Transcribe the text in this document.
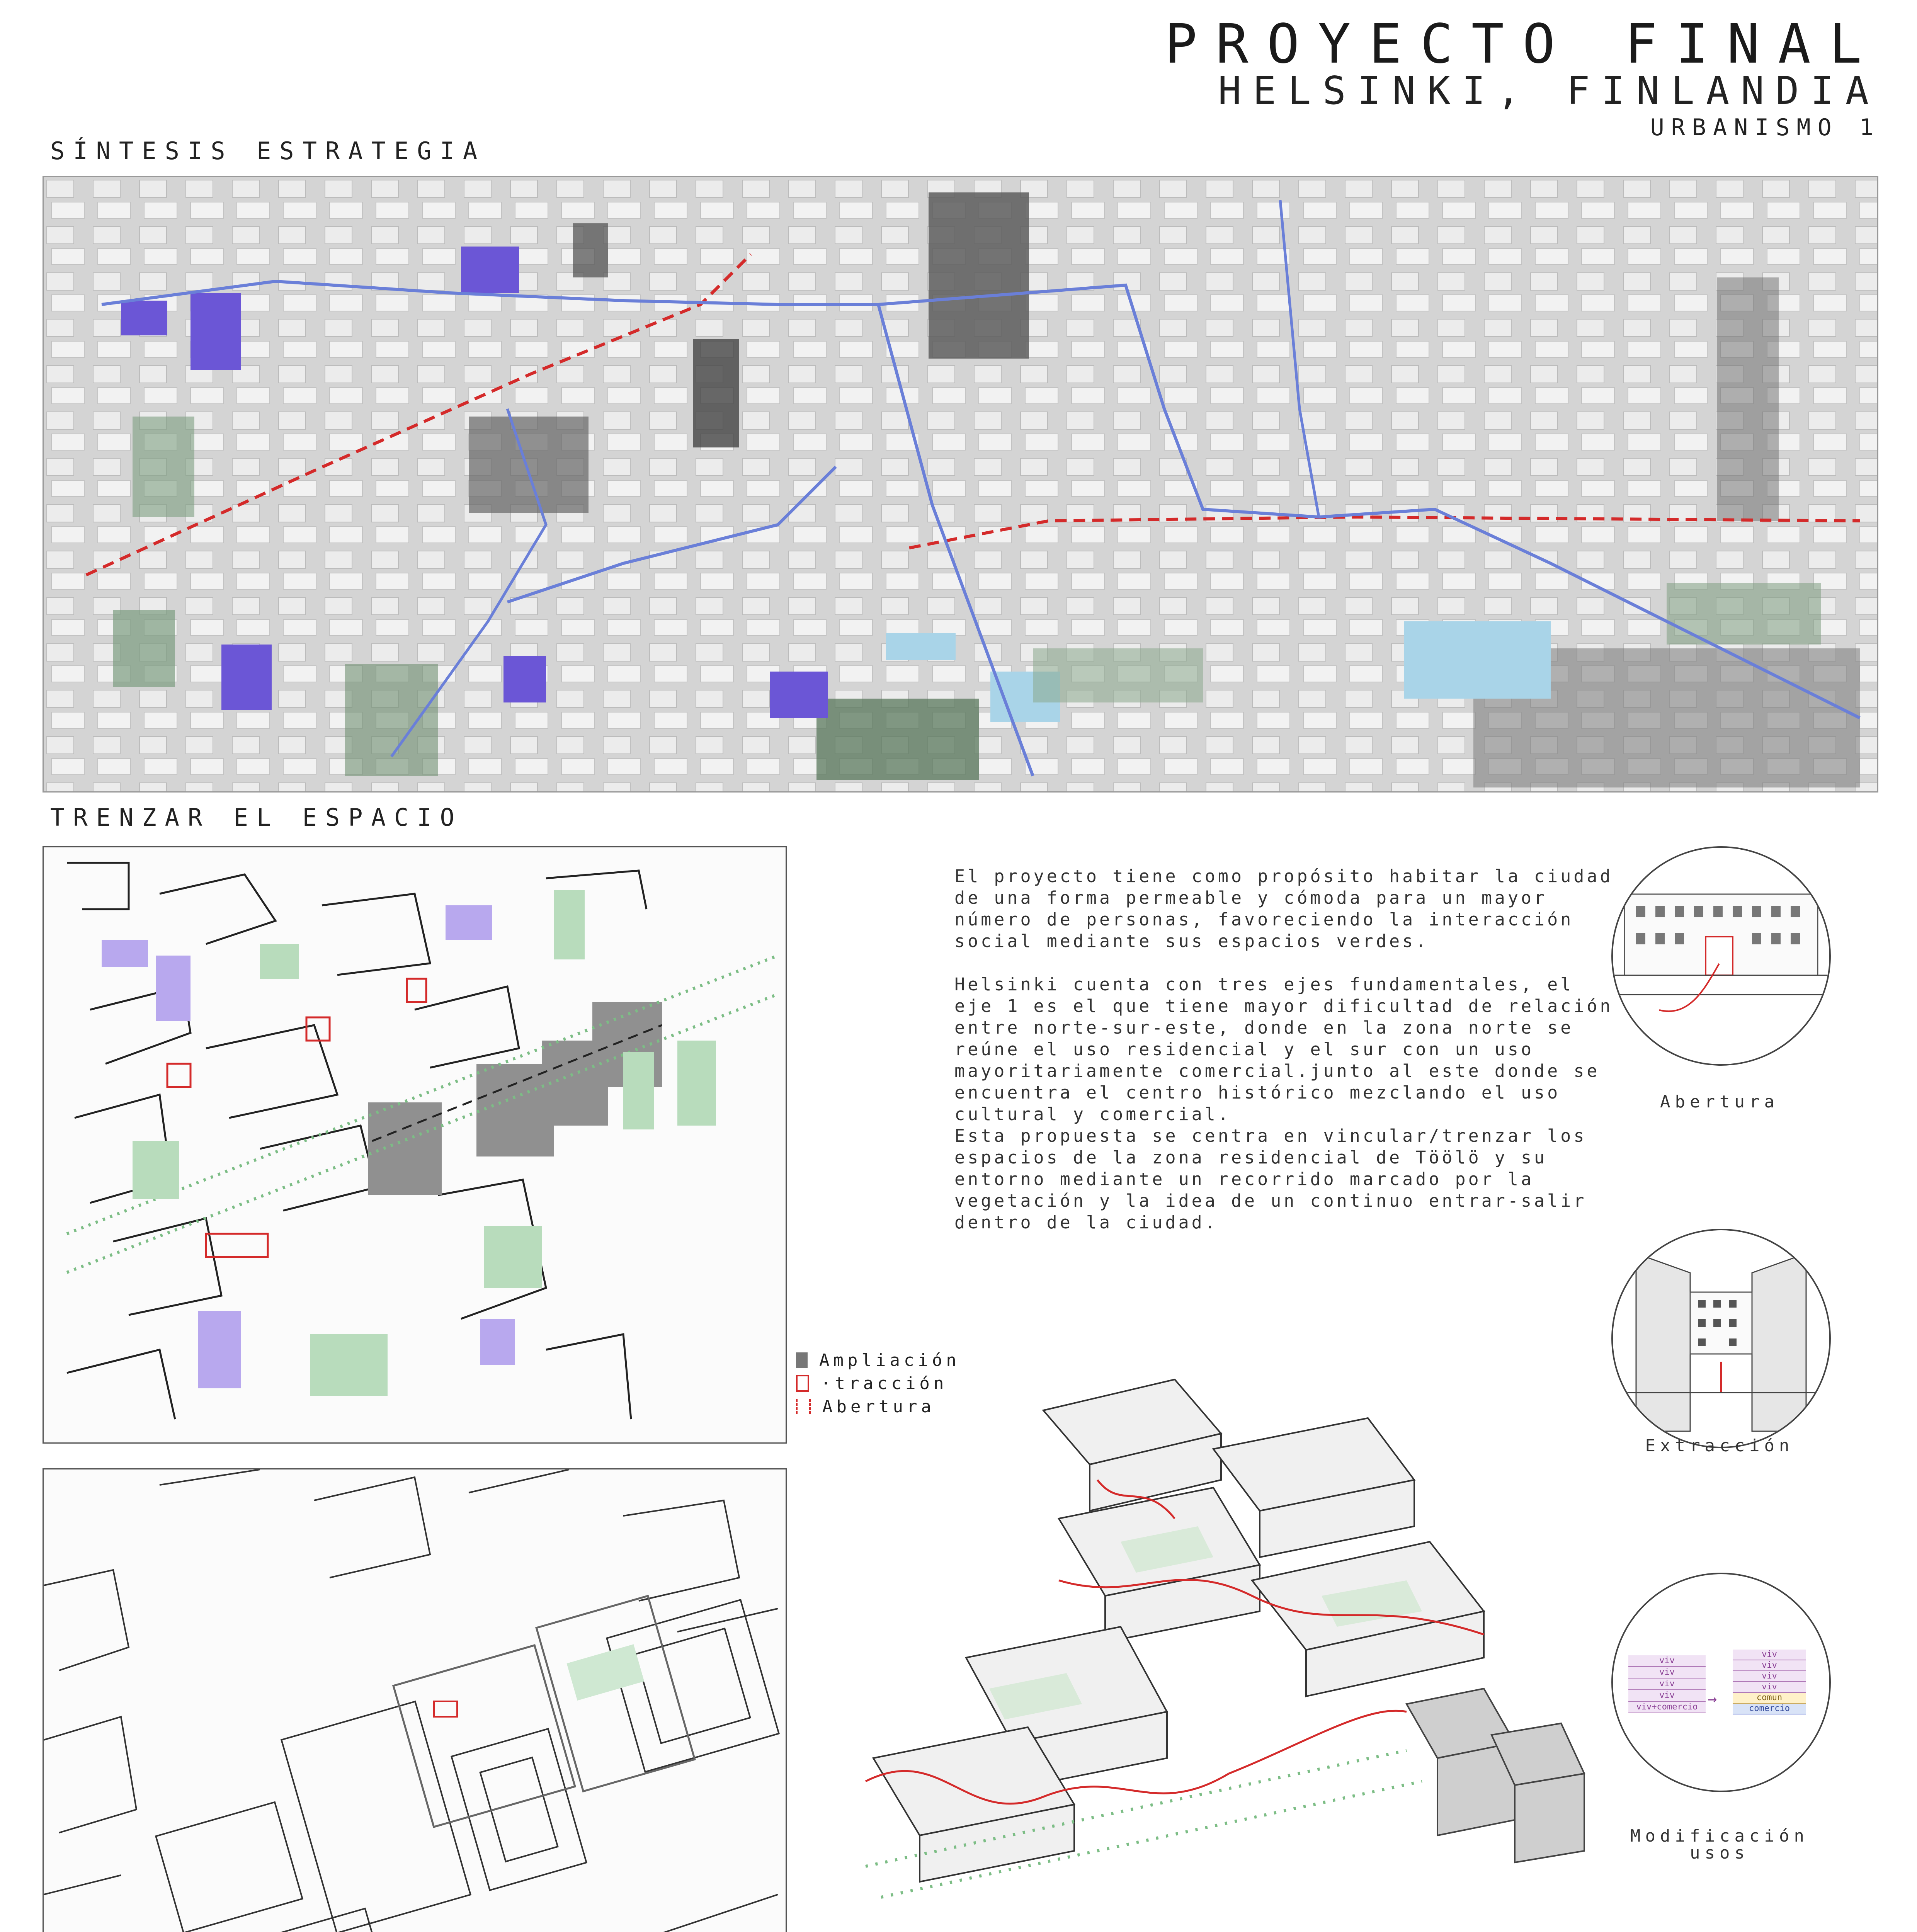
PROYECTO FINAL
HELSINKI, FINLANDIA
URBANISMO 1
SÍNTESIS ESTRATEGIA
TRENZAR EL ESPACIO
El proyecto tiene como propósito habitar la ciudad de una forma permeable y cómoda para un mayor número de personas, favoreciendo la interacción social mediante sus espacios verdes.
Helsinki cuenta con tres ejes fundamentales, el eje 1 es el que tiene mayor dificultad de relación entre norte-sur-este, donde en la zona norte se reúne el uso residencial y el sur con un uso mayoritariamente comercial.junto al este donde se encuentra el centro histórico mezclando el uso cultural y comercial.
Esta propuesta se centra en vincular/trenzar los espacios de la zona residencial de Töölö y su entorno mediante un recorrido marcado por la vegetación y la idea de un continuo entrar-salir dentro de la ciudad.
Ampliación
·tracción
Abertura
Abertura
Extracción
viv
viv
viv
viv
viv+comercio →
viv
viv
viv
viv
comun
comercio
Modificación usos
